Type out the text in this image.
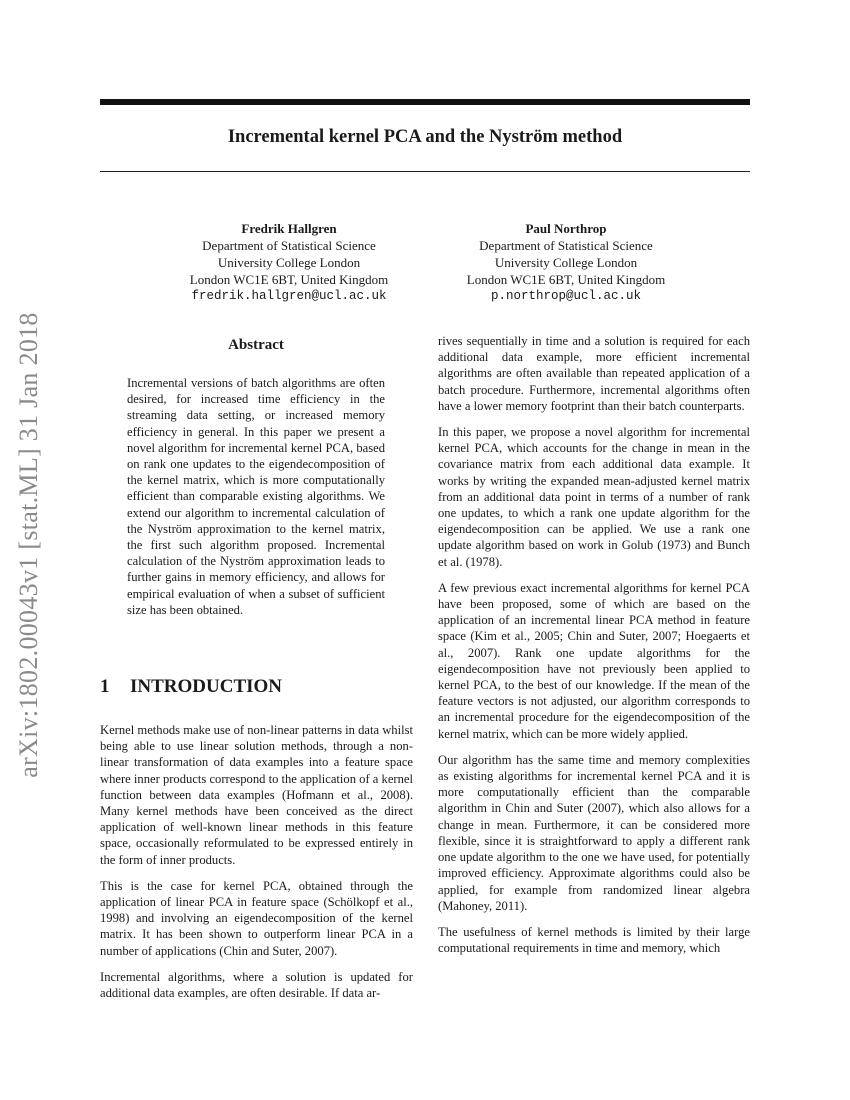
Incremental kernel PCA and the Nyström method
arXiv:1802.00043v1 [stat.ML] 31 Jan 2018
Fredrik Hallgren
Department of Statistical Science
University College London
London WC1E 6BT, United Kingdom
fredrik.hallgren@ucl.ac.uk
Paul Northrop
Department of Statistical Science
University College London
London WC1E 6BT, United Kingdom
p.northrop@ucl.ac.uk
Abstract
Incremental versions of batch algorithms are often desired, for increased time efficiency in the streaming data setting, or increased memory efficiency in general. In this paper we present a novel algorithm for incremental kernel PCA, based on rank one updates to the eigendecomposition of the kernel matrix, which is more computationally efficient than comparable existing algorithms. We extend our algorithm to incremental calculation of the Nyström approximation to the kernel matrix, the first such algorithm proposed. Incremental calculation of the Nyström approximation leads to further gains in memory efficiency, and allows for empirical evaluation of when a subset of sufficient size has been obtained.
1 INTRODUCTION

Kernel methods make use of non-linear patterns in data whilst being able to use linear solution methods, through a non-linear transformation of data examples into a feature space where inner products correspond to the application of a kernel function between data examples (Hofmann et al., 2008). Many kernel methods have been conceived as the direct application of well-known linear methods in this feature space, occasionally reformulated to be expressed entirely in the form of inner products.

This is the case for kernel PCA, obtained through the application of linear PCA in feature space (Schölkopf et al., 1998) and involving an eigendecomposition of the kernel matrix. It has been shown to outperform linear PCA in a number of applications (Chin and Suter, 2007).

Incremental algorithms, where a solution is updated for additional data examples, are often desirable. If data ar-

rives sequentially in time and a solution is required for each additional data example, more efficient incremental algorithms are often available than repeated application of a batch procedure. Furthermore, incremental algorithms often have a lower memory footprint than their batch counterparts.

In this paper, we propose a novel algorithm for incremental kernel PCA, which accounts for the change in mean in the covariance matrix from each additional data example. It works by writing the expanded mean-adjusted kernel matrix from an additional data point in terms of a number of rank one updates, to which a rank one update algorithm for the eigendecomposition can be applied. We use a rank one update algorithm based on work in Golub (1973) and Bunch et al. (1978).

A few previous exact incremental algorithms for kernel PCA have been proposed, some of which are based on the application of an incremental linear PCA method in feature space (Kim et al., 2005; Chin and Suter, 2007; Hoegaerts et al., 2007). Rank one update algorithms for the eigendecomposition have not previously been applied to kernel PCA, to the best of our knowledge. If the mean of the feature vectors is not adjusted, our algorithm corresponds to an incremental procedure for the eigendecomposition of the kernel matrix, which can be more widely applied.

Our algorithm has the same time and memory complexities as existing algorithms for incremental kernel PCA and it is more computationally efficient than the comparable algorithm in Chin and Suter (2007), which also allows for a change in mean. Furthermore, it can be considered more flexible, since it is straightforward to apply a different rank one update algorithm to the one we have used, for potentially improved efficiency. Approximate algorithms could also be applied, for example from randomized linear algebra (Mahoney, 2011).

The usefulness of kernel methods is limited by their large computational requirements in time and memory, which
